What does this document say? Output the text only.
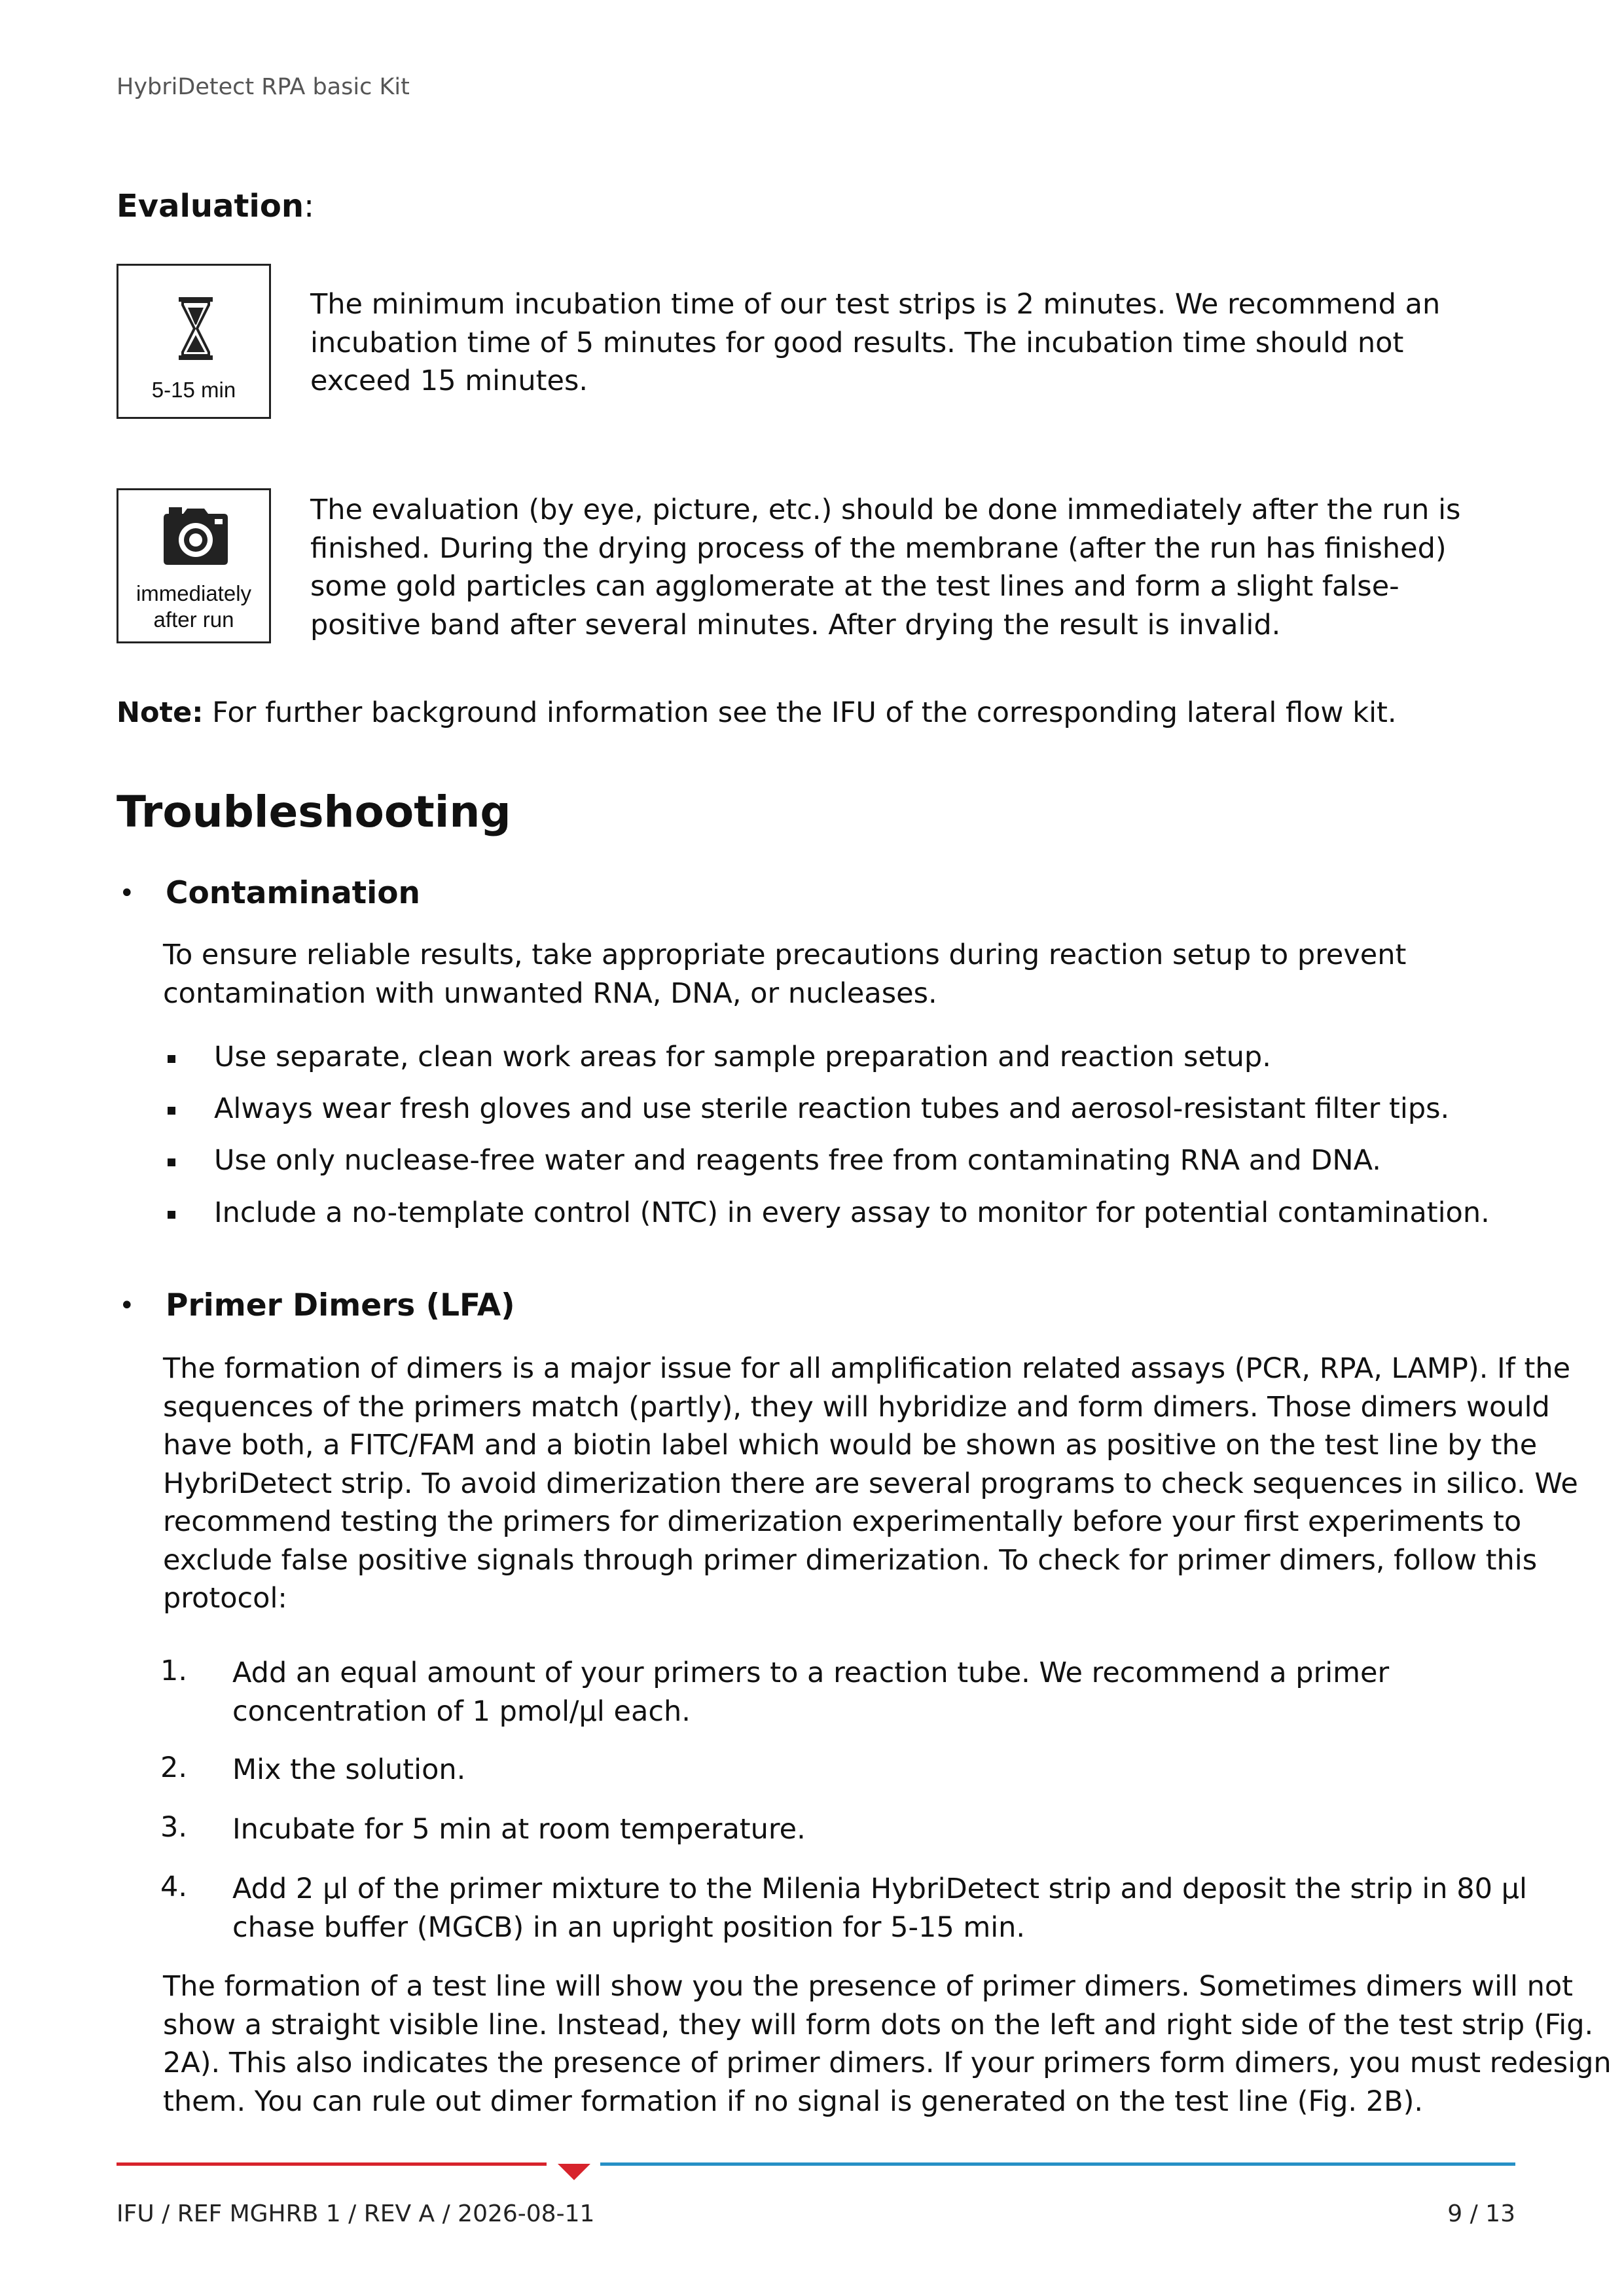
HybriDetect RPA basic Kit
Evaluation:
5-15 min

The minimum incubation time of our test strips is 2 minutes. We recommend an
incubation time of 5 minutes for good results. The incubation time should not
exceed 15 minutes.

immediately
after run

The evaluation (by eye, picture, etc.) should be done immediately after the run is
finished. During the drying process of the membrane (after the run has finished)
some gold particles can agglomerate at the test lines and form a slight false-
positive band after several minutes. After drying the result is invalid.

Note: For further background information see the IFU of the corresponding lateral flow kit.

Troubleshooting
• Contamination

To ensure reliable results, take appropriate precautions during reaction setup to prevent
contamination with unwanted RNA, DNA, or nucleases.

Use separate, clean work areas for sample preparation and reaction setup.

Always wear fresh gloves and use sterile reaction tubes and aerosol-resistant filter tips.

Use only nuclease-free water and reagents free from contaminating RNA and DNA.

Include a no-template control (NTC) in every assay to monitor for potential contamination.

• Primer Dimers (LFA)

The formation of dimers is a major issue for all amplification related assays (PCR, RPA, LAMP). If the
sequences of the primers match (partly), they will hybridize and form dimers. Those dimers would
have both, a FITC/FAM and a biotin label which would be shown as positive on the test line by the
HybriDetect strip. To avoid dimerization there are several programs to check sequences in silico. We
recommend testing the primers for dimerization experimentally before your first experiments to
exclude false positive signals through primer dimerization. To check for primer dimers, follow this
protocol:

1. Add an equal amount of your primers to a reaction tube. We recommend a primer
concentration of 1 pmol/µl each.

2. Mix the solution.

3. Incubate for 5 min at room temperature.

4. Add 2 µl of the primer mixture to the Milenia HybriDetect strip and deposit the strip in 80 µl
chase buffer (MGCB) in an upright position for 5-15 min.

The formation of a test line will show you the presence of primer dimers. Sometimes dimers will not
show a straight visible line. Instead, they will form dots on the left and right side of the test strip (Fig.
2A). This also indicates the presence of primer dimers. If your primers form dimers, you must redesign
them. You can rule out dimer formation if no signal is generated on the test line (Fig. 2B).

IFU / REF MGHRB 1 / REV A / 2026-08-11	9 / 13
